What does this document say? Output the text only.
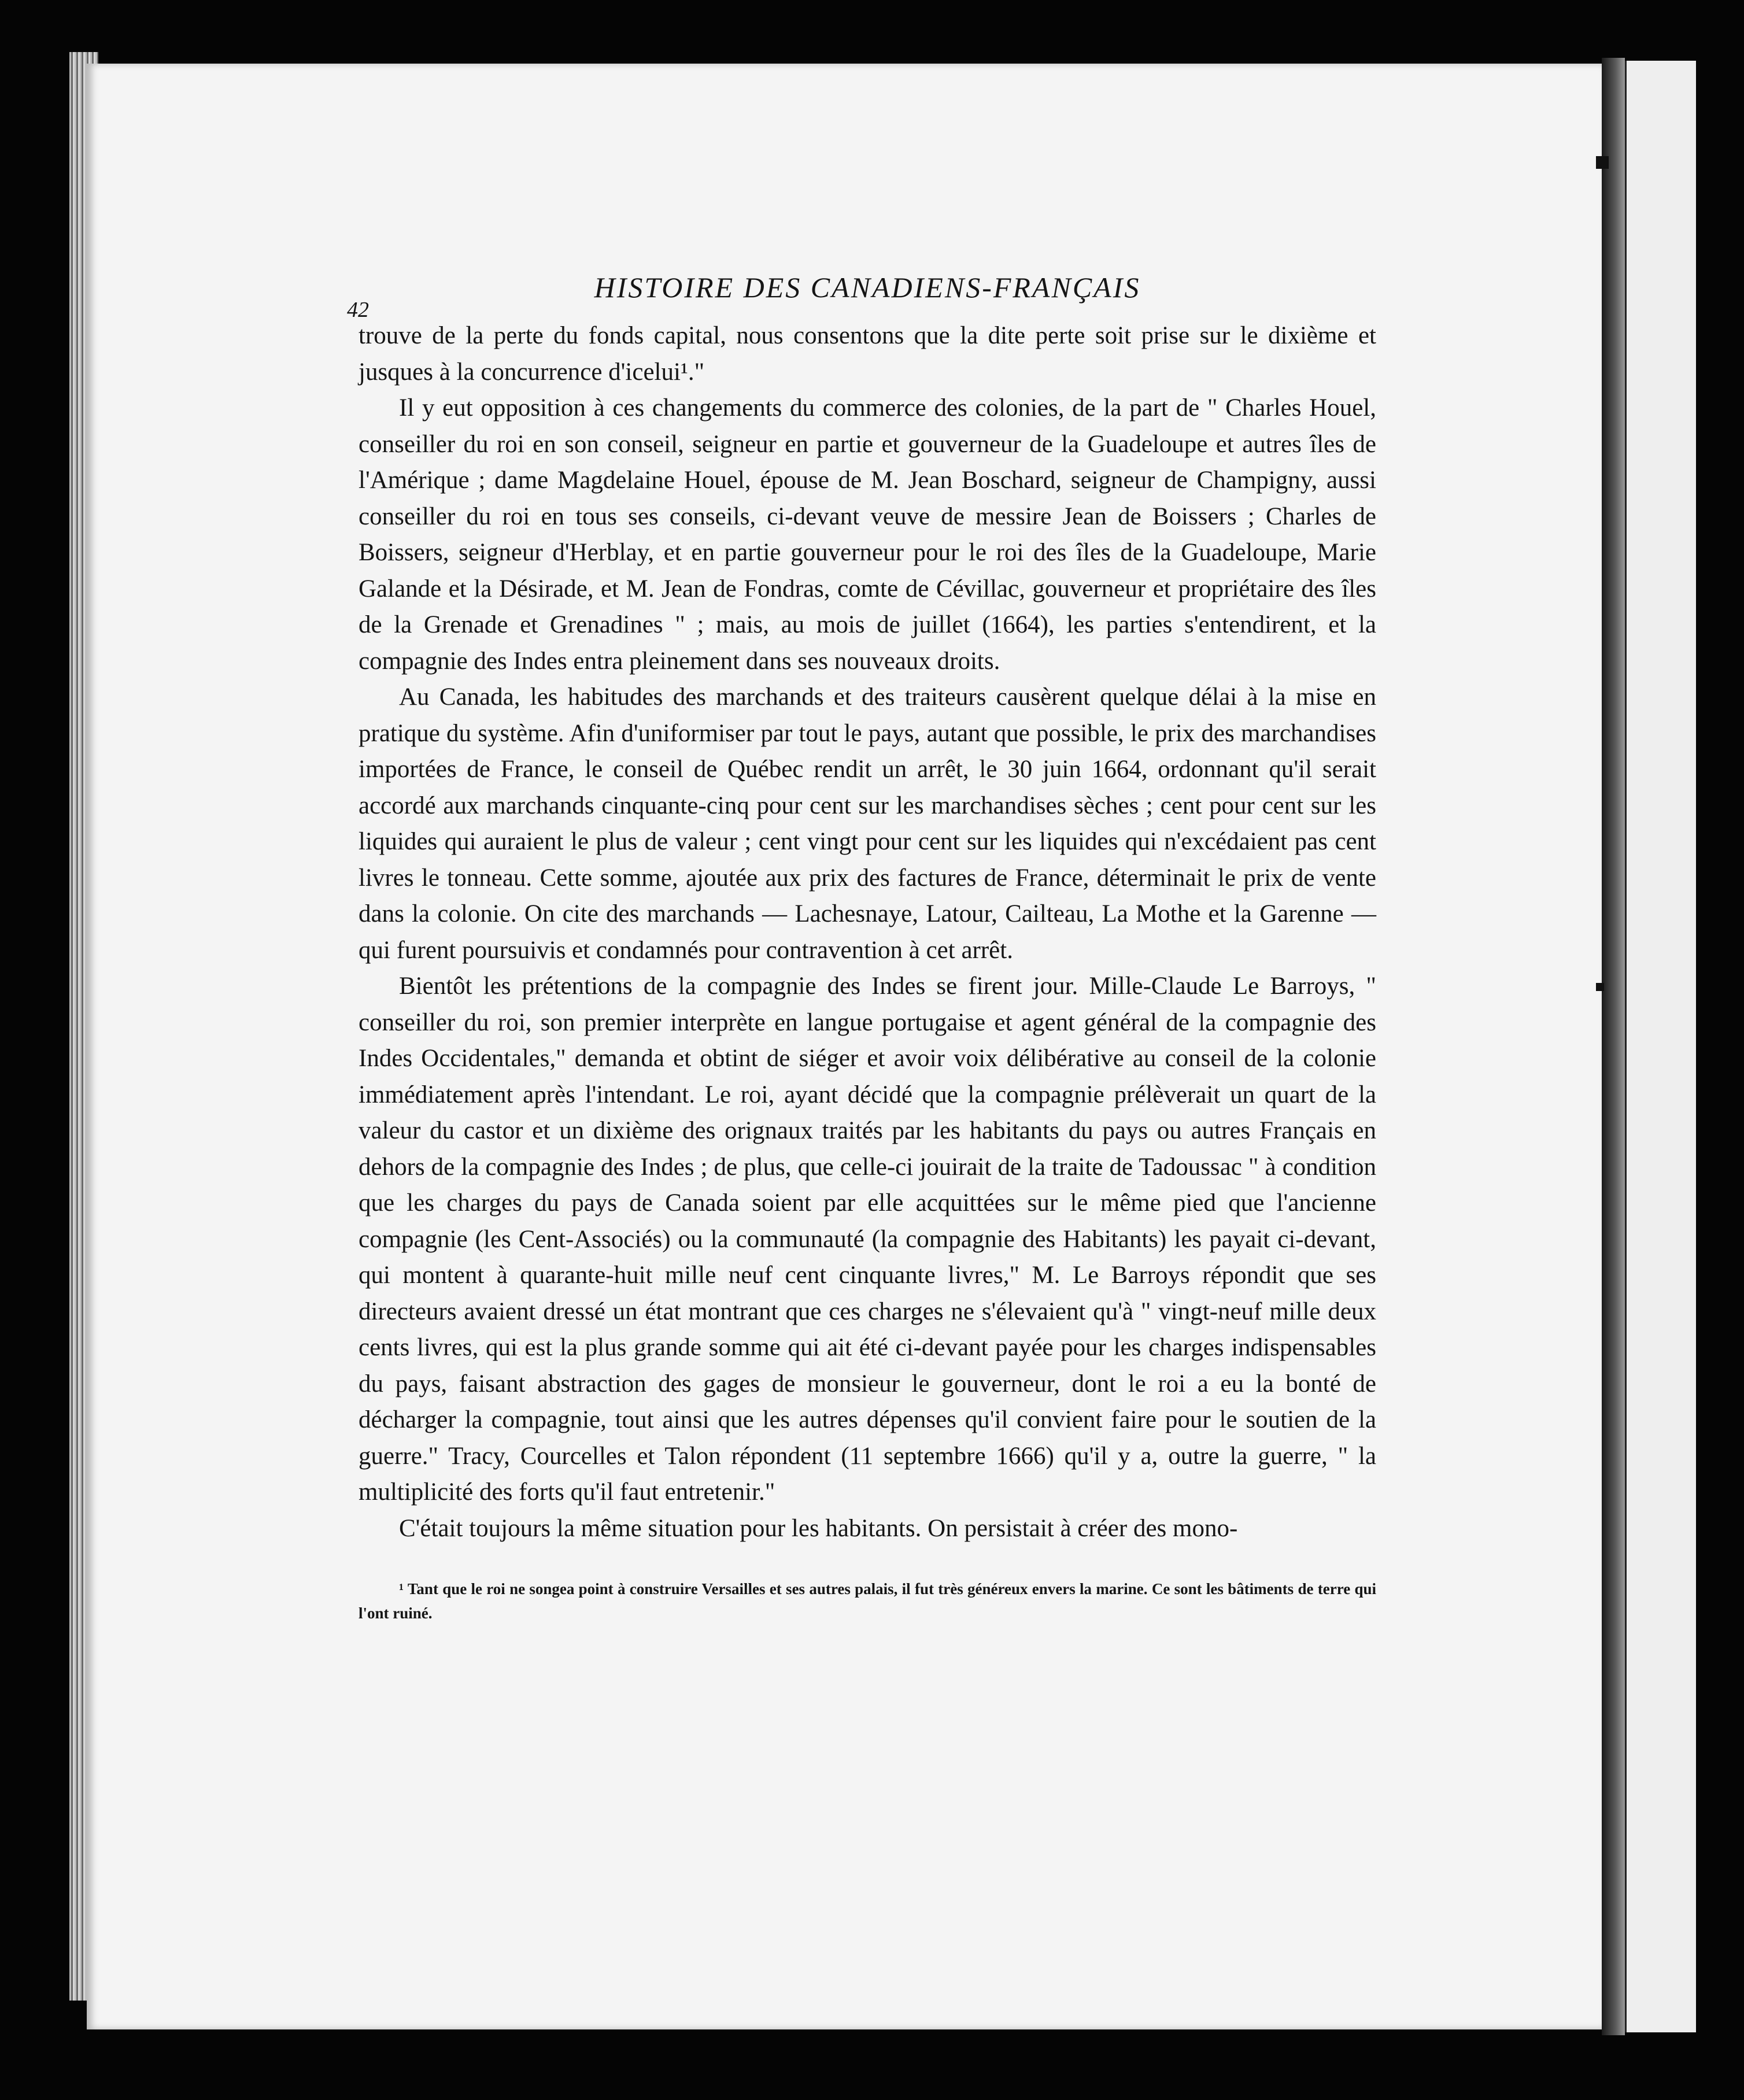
42
HISTOIRE DES CANADIENS-FRANÇAIS

trouve de la perte du fonds capital, nous consentons que la dite perte soit prise sur le dixième et jusques à la concurrence d'icelui¹."

Il y eut opposition à ces changements du commerce des colonies, de la part de " Charles Houel, conseiller du roi en son conseil, seigneur en partie et gouverneur de la Guadeloupe et autres îles de l'Amérique ; dame Magdelaine Houel, épouse de M. Jean Boschard, seigneur de Champigny, aussi conseiller du roi en tous ses conseils, ci-devant veuve de messire Jean de Boissers ; Charles de Boissers, seigneur d'Herblay, et en partie gouverneur pour le roi des îles de la Guadeloupe, Marie Galande et la Désirade, et M. Jean de Fondras, comte de Cévillac, gouverneur et propriétaire des îles de la Grenade et Grenadines " ; mais, au mois de juillet (1664), les parties s'entendirent, et la compagnie des Indes entra pleinement dans ses nouveaux droits.

Au Canada, les habitudes des marchands et des traiteurs causèrent quelque délai à la mise en pratique du système. Afin d'uniformiser par tout le pays, autant que possible, le prix des marchandises importées de France, le conseil de Québec rendit un arrêt, le 30 juin 1664, ordonnant qu'il serait accordé aux marchands cinquante-cinq pour cent sur les marchandises sèches ; cent pour cent sur les liquides qui auraient le plus de valeur ; cent vingt pour cent sur les liquides qui n'excédaient pas cent livres le tonneau. Cette somme, ajoutée aux prix des factures de France, déterminait le prix de vente dans la colonie. On cite des marchands — Lachesnaye, Latour, Cailteau, La Mothe et la Garenne — qui furent poursuivis et condamnés pour contravention à cet arrêt.

Bientôt les prétentions de la compagnie des Indes se firent jour. Mille-Claude Le Barroys, " conseiller du roi, son premier interprète en langue portugaise et agent général de la compagnie des Indes Occidentales," demanda et obtint de siéger et avoir voix délibérative au conseil de la colonie immédiatement après l'intendant. Le roi, ayant décidé que la compagnie prélèverait un quart de la valeur du castor et un dixième des orignaux traités par les habitants du pays ou autres Français en dehors de la compagnie des Indes ; de plus, que celle-ci jouirait de la traite de Tadoussac " à condition que les charges du pays de Canada soient par elle acquittées sur le même pied que l'ancienne compagnie (les Cent-Associés) ou la communauté (la compagnie des Habitants) les payait ci-devant, qui montent à quarante-huit mille neuf cent cinquante livres," M. Le Barroys répondit que ses directeurs avaient dressé un état montrant que ces charges ne s'élevaient qu'à " vingt-neuf mille deux cents livres, qui est la plus grande somme qui ait été ci-devant payée pour les charges indispensables du pays, faisant abstraction des gages de monsieur le gouverneur, dont le roi a eu la bonté de décharger la compagnie, tout ainsi que les autres dépenses qu'il convient faire pour le soutien de la guerre." Tracy, Courcelles et Talon répondent (11 septembre 1666) qu'il y a, outre la guerre, " la multiplicité des forts qu'il faut entretenir."

C'était toujours la même situation pour les habitants. On persistait à créer des mono-

¹ Tant que le roi ne songea point à construire Versailles et ses autres palais, il fut très généreux envers la marine. Ce sont les bâtiments de terre qui l'ont ruiné.
